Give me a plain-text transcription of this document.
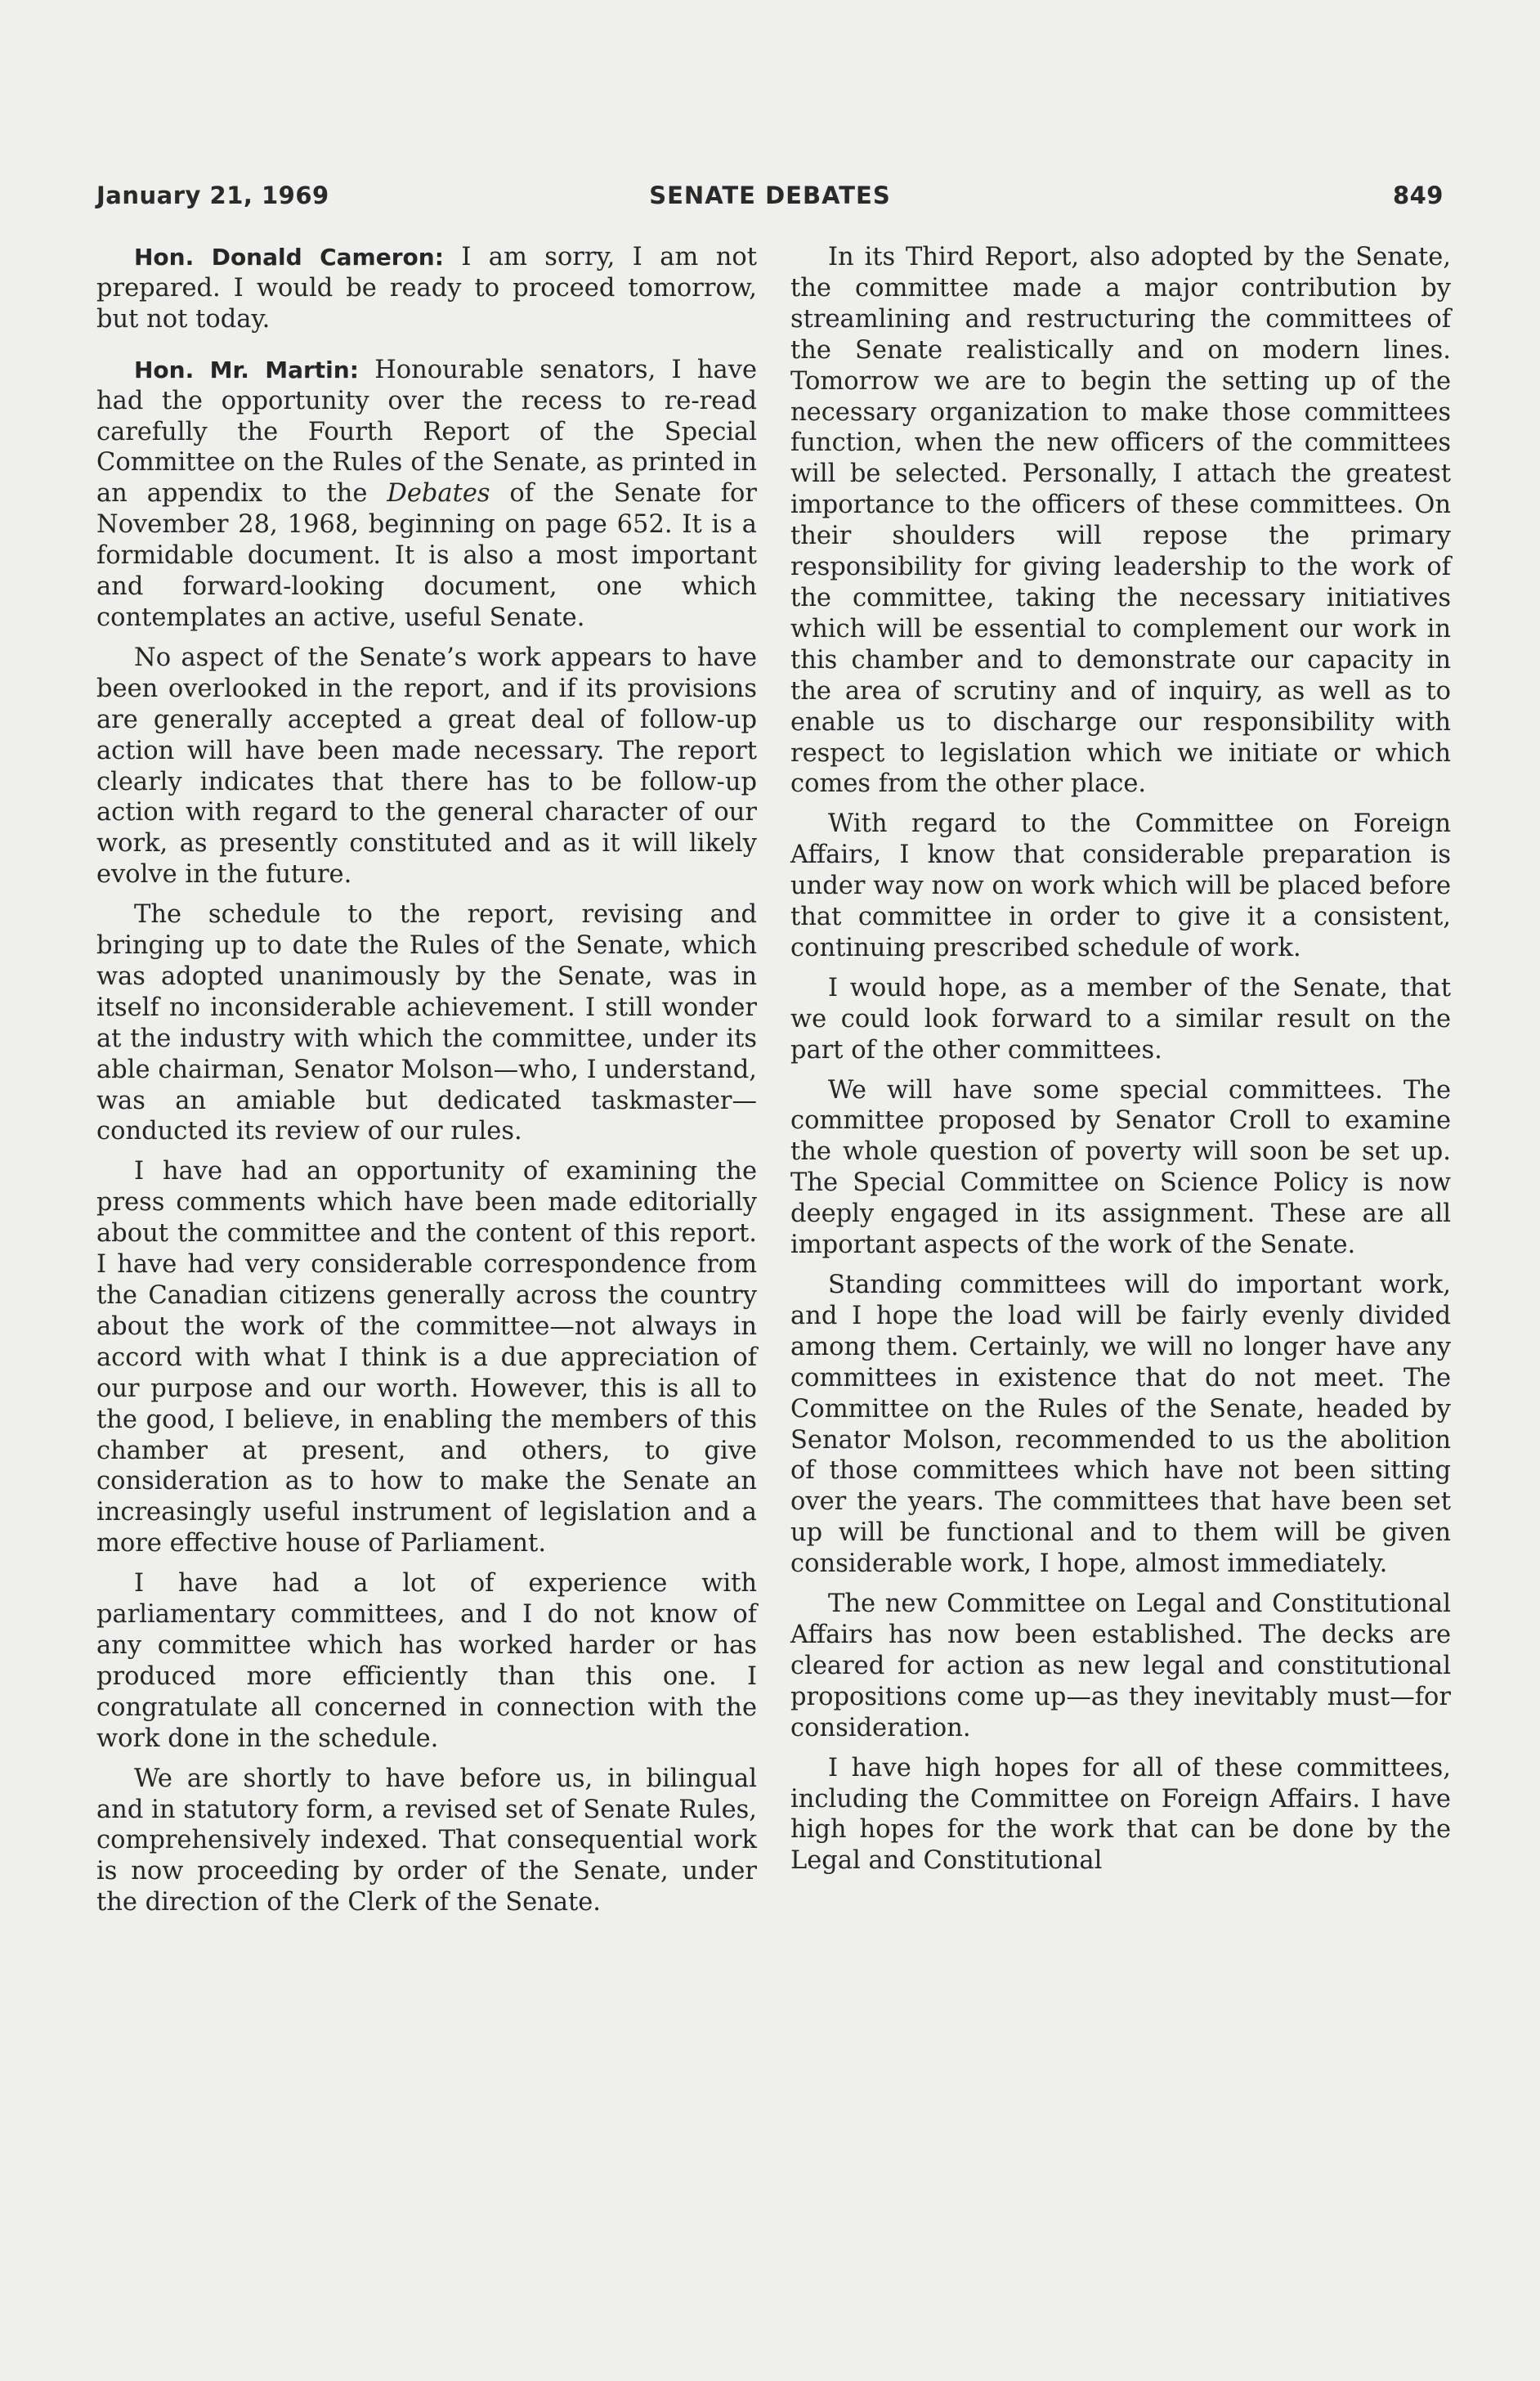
January 21, 1969	SENATE DEBATES	849

Hon. Donald Cameron: I am sorry, I am not prepared. I would be ready to proceed tomorrow, but not today.

Hon. Mr. Martin: Honourable senators, I have had the opportunity over the recess to re-read carefully the Fourth Report of the Special Committee on the Rules of the Senate, as printed in an appendix to the Debates of the Senate for November 28, 1968, beginning on page 652. It is a formidable document. It is also a most important and forward-looking document, one which contemplates an active, useful Senate.

No aspect of the Senate’s work appears to have been overlooked in the report, and if its provisions are generally accepted a great deal of follow-up action will have been made necessary. The report clearly indicates that there has to be follow-up action with regard to the general character of our work, as presently constituted and as it will likely evolve in the future.

The schedule to the report, revising and bringing up to date the Rules of the Senate, which was adopted unanimously by the Senate, was in itself no inconsiderable achievement. I still wonder at the industry with which the committee, under its able chairman, Senator Molson—who, I understand, was an amiable but dedicated taskmaster—conducted its review of our rules.

I have had an opportunity of examining the press comments which have been made editorially about the committee and the content of this report. I have had very considerable correspondence from the Canadian citizens generally across the country about the work of the committee—not always in accord with what I think is a due appreciation of our purpose and our worth. However, this is all to the good, I believe, in enabling the members of this chamber at present, and others, to give consideration as to how to make the Senate an increasingly useful instrument of legislation and a more effective house of Parliament.

I have had a lot of experience with parliamentary committees, and I do not know of any committee which has worked harder or has produced more efficiently than this one. I congratulate all concerned in connection with the work done in the schedule.

We are shortly to have before us, in bilingual and in statutory form, a revised set of Senate Rules, comprehensively indexed. That consequential work is now proceeding by order of the Senate, under the direction of the Clerk of the Senate.

In its Third Report, also adopted by the Senate, the committee made a major contribution by streamlining and restructuring the committees of the Senate realistically and on modern lines. Tomorrow we are to begin the setting up of the necessary organization to make those committees function, when the new officers of the committees will be selected. Personally, I attach the greatest importance to the officers of these committees. On their shoulders will repose the primary responsibility for giving leadership to the work of the committee, taking the necessary initiatives which will be essential to complement our work in this chamber and to demonstrate our capacity in the area of scrutiny and of inquiry, as well as to enable us to discharge our responsibility with respect to legislation which we initiate or which comes from the other place.

With regard to the Committee on Foreign Affairs, I know that considerable preparation is under way now on work which will be placed before that committee in order to give it a consistent, continuing prescribed schedule of work.

I would hope, as a member of the Senate, that we could look forward to a similar result on the part of the other committees.

We will have some special committees. The committee proposed by Senator Croll to examine the whole question of poverty will soon be set up. The Special Committee on Science Policy is now deeply engaged in its assignment. These are all important aspects of the work of the Senate.

Standing committees will do important work, and I hope the load will be fairly evenly divided among them. Certainly, we will no longer have any committees in existence that do not meet. The Committee on the Rules of the Senate, headed by Senator Molson, recommended to us the abolition of those committees which have not been sitting over the years. The committees that have been set up will be functional and to them will be given considerable work, I hope, almost immediately.

The new Committee on Legal and Constitutional Affairs has now been established. The decks are cleared for action as new legal and constitutional propositions come up—as they inevitably must—for consideration.

I have high hopes for all of these committees, including the Committee on Foreign Affairs. I have high hopes for the work that can be done by the Legal and Constitutional
